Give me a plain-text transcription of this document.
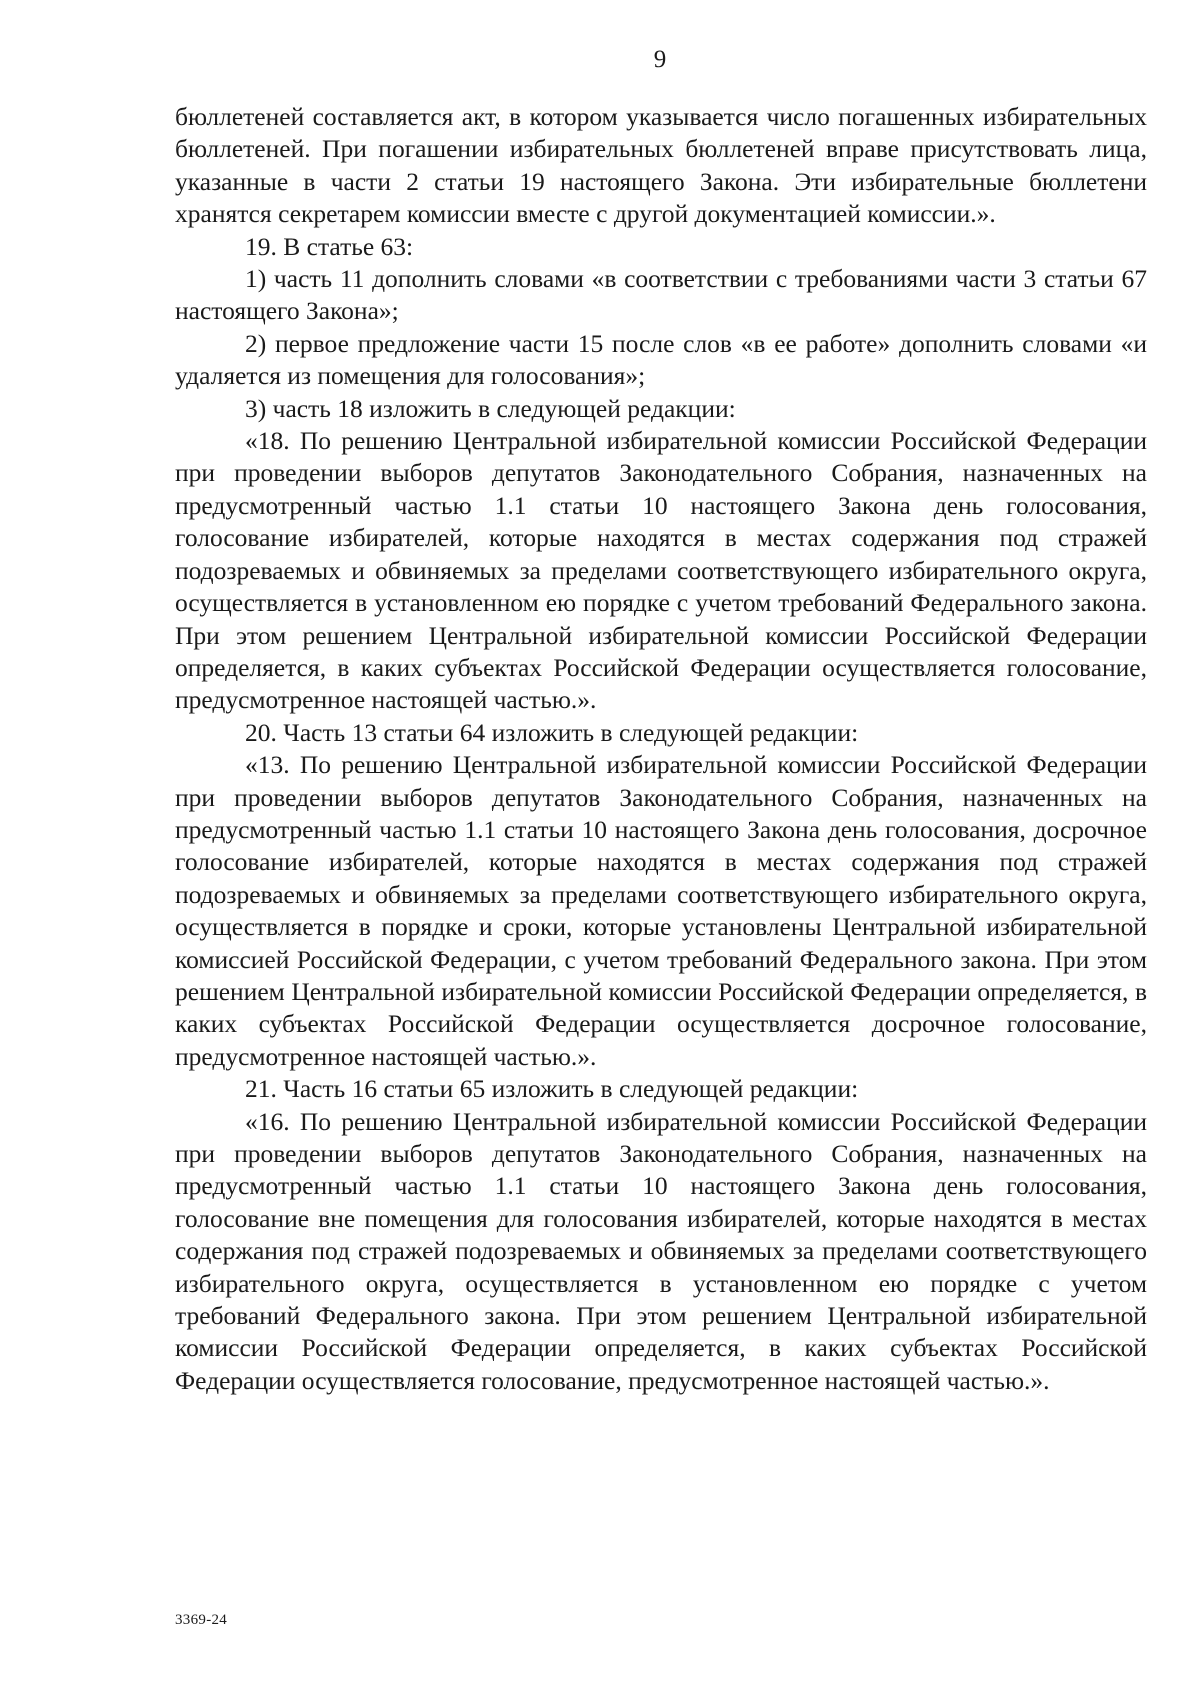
9

бюллетеней составляется акт, в котором указывается число погашенных избирательных бюллетеней. При погашении избирательных бюллетеней вправе присутствовать лица, указанные в части 2 статьи 19 настоящего Закона. Эти избирательные бюллетени хранятся секретарем комиссии вместе с другой документацией комиссии.».

19. В статье 63:

1) часть 11 дополнить словами «в соответствии с требованиями части 3 статьи 67 настоящего Закона»;

2) первое предложение части 15 после слов «в ее работе» дополнить словами «и удаляется из помещения для голосования»;

3) часть 18 изложить в следующей редакции:

«18. По решению Центральной избирательной комиссии Российской Федерации при проведении выборов депутатов Законодательного Собрания, назначенных на предусмотренный частью 1.1 статьи 10 настоящего Закона день голосования, голосование избирателей, которые находятся в местах содержания под стражей подозреваемых и обвиняемых за пределами соответствующего избирательного округа, осуществляется в установленном ею порядке с учетом требований Федерального закона. При этом решением Центральной избирательной комиссии Российской Федерации определяется, в каких субъектах Российской Федерации осуществляется голосование, предусмотренное настоящей частью.».

20. Часть 13 статьи 64 изложить в следующей редакции:

«13. По решению Центральной избирательной комиссии Российской Федерации при проведении выборов депутатов Законодательного Собрания, назначенных на предусмотренный частью 1.1 статьи 10 настоящего Закона день голосования, досрочное голосование избирателей, которые находятся в местах содержания под стражей подозреваемых и обвиняемых за пределами соответствующего избирательного округа, осуществляется в порядке и сроки, которые установлены Центральной избирательной комиссией Российской Федерации, с учетом требований Федерального закона. При этом решением Центральной избирательной комиссии Российской Федерации определяется, в каких субъектах Российской Федерации осуществляется досрочное голосование, предусмотренное настоящей частью.».

21. Часть 16 статьи 65 изложить в следующей редакции:

«16. По решению Центральной избирательной комиссии Российской Федерации при проведении выборов депутатов Законодательного Собрания, назначенных на предусмотренный частью 1.1 статьи 10 настоящего Закона день голосования, голосование вне помещения для голосования избирателей, которые находятся в местах содержания под стражей подозреваемых и обвиняемых за пределами соответствующего избирательного округа, осуществляется в установленном ею порядке с учетом требований Федерального закона. При этом решением Центральной избирательной комиссии Российской Федерации определяется, в каких субъектах Российской Федерации осуществляется голосование, предусмотренное настоящей частью.».

3369-24
